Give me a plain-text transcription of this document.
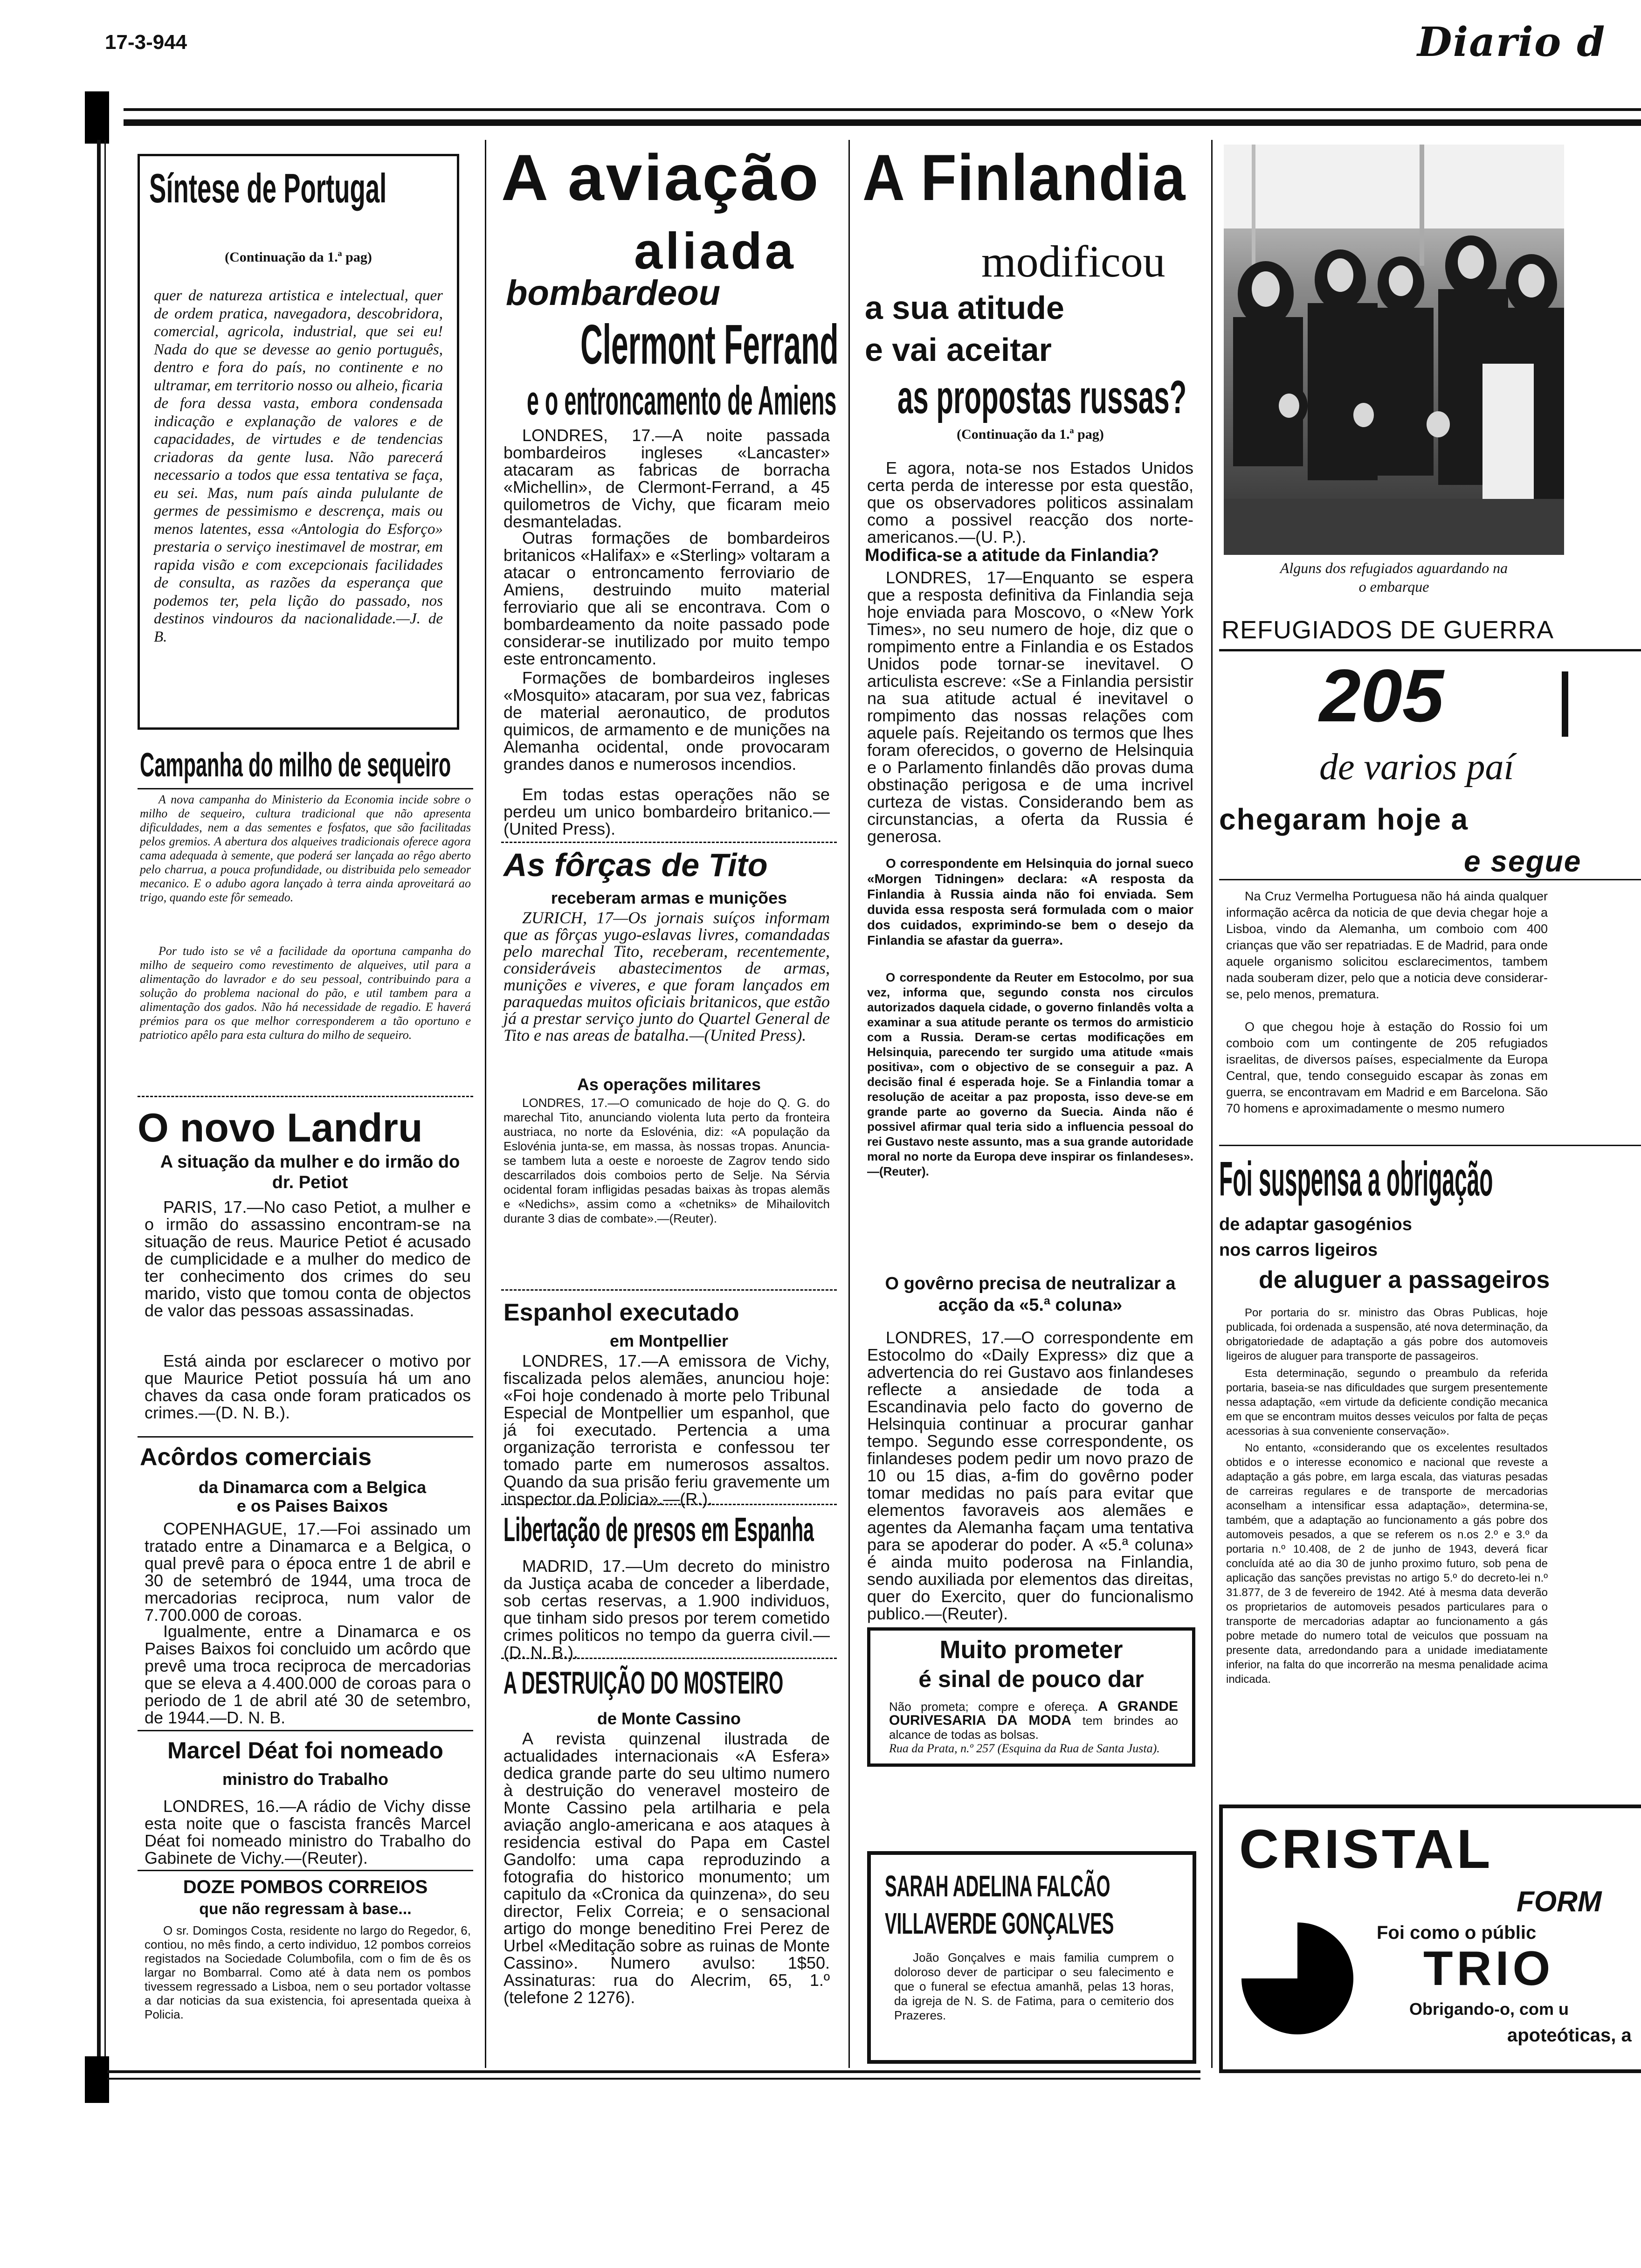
17-3-944	Diario d
Síntese de Portugal
(Continuação da 1.ª pag)

quer de natureza artistica e intelectual, quer de ordem pratica, navegadora, descobridora, comercial, agricola, industrial, que sei eu! Nada do que se devesse ao genio português, dentro e fora do país, no continente e no ultramar, em territorio nosso ou alheio, ficaria de fora dessa vasta, embora condensada indicação e explanação de valores e de capacidades, de virtudes e de tendencias criadoras da gente lusa. Não parecerá necessario a todos que essa tentativa se faça, eu sei. Mas, num país ainda pululante de germes de pessimismo e descrença, mais ou menos latentes, essa «Antologia do Esforço» prestaria o serviço inestimavel de mostrar, em rapida visão e com excepcionais facilidades de consulta, as razões da esperança que podemos ter, pela lição do passado, nos destinos vindouros da nacionalidade.—J. de B.

Campanha do milho de sequeiro

A nova campanha do Ministerio da Economia incide sobre o milho de sequeiro, cultura tradicional que não apresenta dificuldades, nem a das sementes e fosfatos, que são facilitadas pelos gremios. A abertura dos alqueives tradicionais oferece agora cama adequada à semente, que poderá ser lançada ao rêgo aberto pelo charrua, a pouca profundidade, ou distribuida pelo semeador mecanico. E o adubo agora lançado à terra ainda aproveitará ao trigo, quando este fôr semeado.

Por tudo isto se vê a facilidade da oportuna campanha do milho de sequeiro como revestimento de alqueives, util para a alimentação do lavrador e do seu pessoal, contribuindo para a solução do problema nacional do pão, e util tambem para a alimentação dos gados. Não há necessidade de regadio. E haverá prémios para os que melhor corresponderem a tão oportuno e patriotico apêlo para esta cultura do milho de sequeiro.

O novo Landru
A situação da mulher e do irmão do dr. Petiot

PARIS, 17.—No caso Petiot, a mulher e o irmão do assassino encontram-se na situação de reus. Maurice Petiot é acusado de cumplicidade e a mulher do medico de ter conhecimento dos crimes do seu marido, visto que tomou conta de objectos de valor das pessoas assassinadas.

Está ainda por esclarecer o motivo por que Maurice Petiot possuía há um ano chaves da casa onde foram praticados os crimes.—(D. N. B.).

Acôrdos comerciais
da Dinamarca com a Belgica e os Paises Baixos

COPENHAGUE, 17.—Foi assinado um tratado entre a Dinamarca e a Belgica, o qual prevê para o época entre 1 de abril e 30 de setembró de 1944, uma troca de mercadorias reciproca, num valor de 7.700.000 de coroas.

Igualmente, entre a Dinamarca e os Paises Baixos foi concluido um acôrdo que prevê uma troca reciproca de mercadorias que se eleva a 4.400.000 de coroas para o periodo de 1 de abril até 30 de setembro, de 1944.—D. N. B.

Marcel Déat foi nomeado
ministro do Trabalho

LONDRES, 16.—A rádio de Vichy disse esta noite que o fascista francês Marcel Déat foi nomeado ministro do Trabalho do Gabinete de Vichy.—(Reuter).

DOZE POMBOS CORREIOS
que não regressam à base...

O sr. Domingos Costa, residente no largo do Regedor, 6, contiou, no mês findo, a certo individuo, 12 pombos correios registados na Sociedade Columbofila, com o fim de ês os largar no Bombarral. Como até à data nem os pombos tivessem regressado a Lisboa, nem o seu portador voltasse a dar noticias da sua existencia, foi apresentada queixa à Policia.

A aviação
aliada
bombardeou
Clermont Ferrand
e o entroncamento de Amiens

LONDRES, 17.—A noite passada bombardeiros ingleses «Lancaster» atacaram as fabricas de borracha «Michellin», de Clermont-Ferrand, a 45 quilometros de Vichy, que ficaram meio desmanteladas.

Outras formações de bombardeiros britanicos «Halifax» e «Sterling» voltaram a atacar o entroncamento ferroviario de Amiens, destruindo muito material ferroviario que ali se encontrava. Com o bombardeamento da noite passado pode considerar-se inutilizado por muito tempo este entroncamento.

Formações de bombardeiros ingleses «Mosquito» atacaram, por sua vez, fabricas de material aeronautico, de produtos quimicos, de armamento e de munições na Alemanha ocidental, onde provocaram grandes danos e numerosos incendios.

Em todas estas operações não se perdeu um unico bombardeiro britanico.—(United Press).

As fôrças de Tito
receberam armas e munições

ZURICH, 17—Os jornais suíços informam que as fôrças yugo-eslavas livres, comandadas pelo marechal Tito, receberam, recentemente, consideráveis abastecimentos de armas, munições e viveres, e que foram lançados em paraquedas muitos oficiais britanicos, que estão já a prestar serviço junto do Quartel General de Tito e nas areas de batalha.—(United Press).

As operações militares

LONDRES, 17.—O comunicado de hoje do Q. G. do marechal Tito, anunciando violenta luta perto da fronteira austriaca, no norte da Eslovénia, diz: «A população da Eslovénia junta-se, em massa, às nossas tropas. Anuncia-se tambem luta a oeste e noroeste de Zagrov tendo sido descarrilados dois comboios perto de Selje. Na Sérvia ocidental foram infligidas pesadas baixas às tropas alemãs e «Nedichs», assim como a «chetniks» de Mihailovitch durante 3 dias de combate».—(Reuter).

Espanhol executado
em Montpellier

LONDRES, 17.—A emissora de Vichy, fiscalizada pelos alemães, anunciou hoje: «Foi hoje condenado à morte pelo Tribunal Especial de Montpellier um espanhol, que já foi executado. Pertencia a uma organização terrorista e confessou ter tomado parte em numerosos assaltos. Quando da sua prisão feriu gravemente um inspector da Policia».—(R.).

Libertação de presos em Espanha

MADRID, 17.—Um decreto do ministro da Justiça acaba de conceder a liberdade, sob certas reservas, a 1.900 individuos, que tinham sido presos por terem cometido crimes politicos no tempo da guerra civil.—(D. N. B.).

A DESTRUIÇÃO DO MOSTEIRO
de Monte Cassino

A revista quinzenal ilustrada de actualidades internacionais «A Esfera» dedica grande parte do seu ultimo numero à destruição do veneravel mosteiro de Monte Cassino pela artilharia e pela aviação anglo-americana e aos ataques à residencia estival do Papa em Castel Gandolfo: uma capa reproduzindo a fotografia do historico monumento; um capitulo da «Cronica da quinzena», do seu director, Felix Correia; e o sensacional artigo do monge beneditino Frei Perez de Urbel «Meditação sobre as ruinas de Monte Cassino». Numero avulso: 1$50. Assinaturas: rua do Alecrim, 65, 1.º (telefone 2 1276).

A Finlandia
modificou
a sua atitude
e vai aceitar
as propostas russas?
(Continuação da 1.ª pag)

E agora, nota-se nos Estados Unidos certa perda de interesse por esta questão, que os observadores politicos assinalam como a possivel reacção dos norte-americanos.—(U. P.).

Modifica-se a atitude da Finlandia?

LONDRES, 17—Enquanto se espera que a resposta definitiva da Finlandia seja hoje enviada para Moscovo, o «New York Times», no seu numero de hoje, diz que o rompimento entre a Finlandia e os Estados Unidos pode tornar-se inevitavel. O articulista escreve: «Se a Finlandia persistir na sua atitude actual é inevitavel o rompimento das nossas relações com aquele país. Rejeitando os termos que lhes foram oferecidos, o governo de Helsinquia e o Parlamento finlandês dão provas duma obstinação perigosa e de uma incrivel curteza de vistas. Considerando bem as circunstancias, a oferta da Russia é generosa.

O correspondente em Helsinquia do jornal sueco «Morgen Tidningen» declara: «A resposta da Finlandia à Russia ainda não foi enviada. Sem duvida essa resposta será formulada com o maior dos cuidados, exprimindo-se bem o desejo da Finlandia se afastar da guerra».

O correspondente da Reuter em Estocolmo, por sua vez, informa que, segundo consta nos circulos autorizados daquela cidade, o governo finlandês volta a examinar a sua atitude perante os termos do armisticio com a Russia. Deram-se certas modificações em Helsinquia, parecendo ter surgido uma atitude «mais positiva», com o objectivo de se conseguir a paz. A decisão final é esperada hoje. Se a Finlandia tomar a resolução de aceitar a paz proposta, isso deve-se em grande parte ao governo da Suecia. Ainda não é possivel afirmar qual teria sido a influencia pessoal do rei Gustavo neste assunto, mas a sua grande autoridade moral no norte da Europa deve inspirar os finlandeses».—(Reuter).

O govêrno precisa de neutralizar a acção da «5.ª coluna»

LONDRES, 17.—O correspondente em Estocolmo do «Daily Express» diz que a advertencia do rei Gustavo aos finlandeses reflecte a ansiedade de toda a Escandinavia pelo facto do governo de Helsinquia continuar a procurar ganhar tempo. Segundo esse correspondente, os finlandeses podem pedir um novo prazo de 10 ou 15 dias, a-fim do govêrno poder tomar medidas no país para evitar que elementos favoraveis aos alemães e agentes da Alemanha façam uma tentativa para se apoderar do poder. A «5.ª coluna» é ainda muito poderosa na Finlandia, sendo auxiliada por elementos das direitas, quer do Exercito, quer do funcionalismo publico.—(Reuter).

Muito prometer
é sinal de pouco dar
Não prometa; compre e ofereça. A GRANDE OURIVESARIA DA MODA tem brindes ao alcance de todas as bolsas.
Rua da Prata, n.º 257 (Esquina da Rua de Santa Justa).
SARAH ADELINA FALCÃO
VILLAVERDE GONÇALVES

João Gonçalves e mais familia cumprem o doloroso dever de participar o seu falecimento e que o funeral se efectua amanhã, pelas 13 horas, da igreja de N. S. de Fatima, para o cemiterio dos Prazeres.

Alguns dos refugiados aguardando na
o embarque
REFUGIADOS DE GUERRA
205
de varios paí
chegaram hoje a
e segue

Na Cruz Vermelha Portuguesa não há ainda qualquer informação acêrca da noticia de que devia chegar hoje a Lisboa, vindo da Alemanha, um comboio com 400 crianças que vão ser repatriadas. E de Madrid, para onde aquele organismo solicitou esclarecimentos, tambem nada souberam dizer, pelo que a noticia deve considerar-se, pelo menos, prematura.

O que chegou hoje à estação do Rossio foi um comboio com um contingente de 205 refugiados israelitas, de diversos países, especialmente da Europa Central, que, tendo conseguido escapar às zonas em guerra, se encontravam em Madrid e em Barcelona. São 70 homens e aproximadamente o mesmo numero

Foi suspensa a obrigação
de adaptar gasogénios
nos carros ligeiros
de aluguer a passageiros

Por portaria do sr. ministro das Obras Publicas, hoje publicada, foi ordenada a suspensão, até nova determinação, da obrigatoriedade de adaptação a gás pobre dos automoveis ligeiros de aluguer para transporte de passageiros.

Esta determinação, segundo o preambulo da referida portaria, baseia-se nas dificuldades que surgem presentemente nessa adaptação, «em virtude da deficiente condição mecanica em que se encontram muitos desses veiculos por falta de peças acessorias à sua conveniente conservação».

No entanto, «considerando que os excelentes resultados obtidos e o interesse economico e nacional que reveste a adaptação a gás pobre, em larga escala, das viaturas pesadas de carreiras regulares e de transporte de mercadorias aconselham a intensificar essa adaptação», determina-se, também, que a adaptação ao funcionamento a gás pobre dos automoveis pesados, a que se referem os n.os 2.º e 3.º da portaria n.º 10.408, de 2 de junho de 1943, deverá ficar concluída até ao dia 30 de junho proximo futuro, sob pena de aplicação das sanções previstas no artigo 5.º do decreto-lei n.º 31.877, de 3 de fevereiro de 1942. Até à mesma data deverão os proprietarios de automoveis pesados particulares para o transporte de mercadorias adaptar ao funcionamento a gás pobre metade do numero total de veiculos que possuam na presente data, arredondando para a unidade imediatamente inferior, na falta do que incorrerão na mesma penalidade acima indicada.

CRISTAL
FORM
Foi como o públic
TRIO
Obrigando-o, com u
apoteóticas, a
